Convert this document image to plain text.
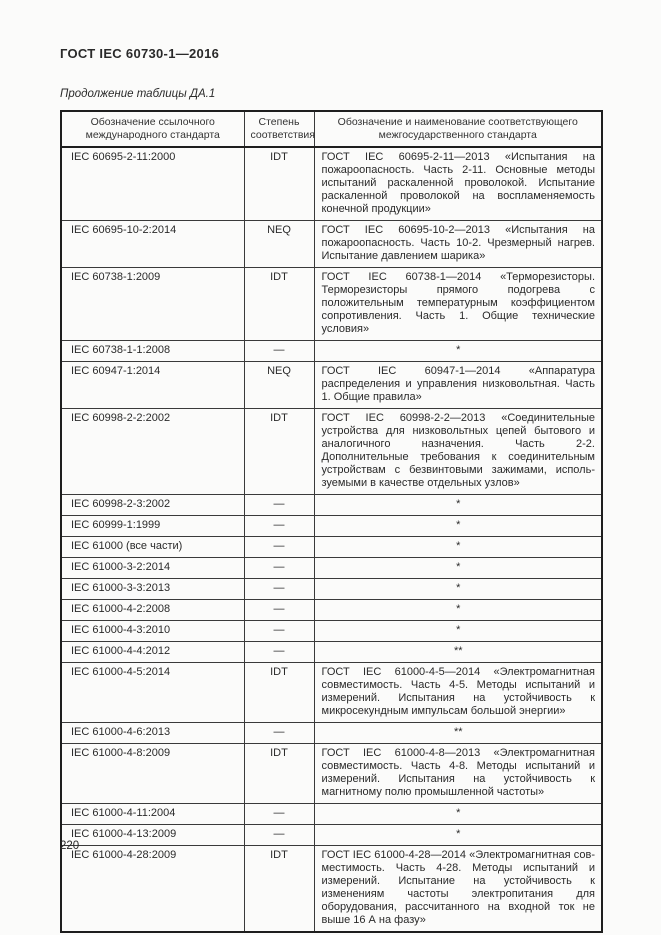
ГОСТ IEC 60730-1—2016
Продолжение таблицы ДА.1
Обозначение ссылочного международного стандарта	Степень соответствия	Обозначение и наименование соответствующего межгосударственного стандарта
IEC 60695-2-11:2000	IDT	ГОСТ IEC 60695-2-11—2013 «Испытания на пожароопасность. Часть 2-11. Основные методы испытаний раскаленной проволокой. Испытание раскаленной проволокой на воспламеняемость конечной продукции»
IEC 60695-10-2:2014	NEQ	ГОСТ IEC 60695-10-2—2013 «Испытания на пожароопасность. Часть 10-2. Чрезмерный нагрев. Испытание давлением шарика»
IEC 60738-1:2009	IDT	ГОСТ IEC 60738-1—2014 «Терморезисторы. Терморезисторы прямого подогрева с положительным температурным коэффициентом сопротивления. Часть 1. Общие технические условия»
IEC 60738-1-1:2008	—	*
IEC 60947-1:2014	NEQ	ГОСТ IEC 60947-1—2014 «Аппаратура распределения и управления низковольтная. Часть 1. Общие правила»
IEC 60998-2-2:2002	IDT	ГОСТ IEC 60998-2-2—2013 «Соединительные устройства для низковольтных цепей бытового и аналогичного назначения. Часть 2-2. Дополнительные требования к соединительным устройствам с безвинтовыми зажимами, используемыми в качестве отдельных узлов»
IEC 60998-2-3:2002	—	*
IEC 60999-1:1999	—	*
IEC 61000 (все части)	—	*
IEC 61000-3-2:2014	—	*
IEC 61000-3-3:2013	—	*
IEC 61000-4-2:2008	—	*
IEC 61000-4-3:2010	—	*
IEC 61000-4-4:2012	—	**
IEC 61000-4-5:2014	IDT	ГОСТ IEC 61000-4-5—2014 «Электромагнитная совместимость. Часть 4-5. Методы испытаний и измерений. Испытания на устойчивость к микросекундным импульсам большой энергии»
IEC 61000-4-6:2013	—	**
IEC 61000-4-8:2009	IDT	ГОСТ IEC 61000-4-8—2013 «Электромагнитная совместимость. Часть 4-8. Методы испытаний и измерений. Испытания на устойчивость к магнитному полю промышленной частоты»
IEC 61000-4-11:2004	—	*
IEC 61000-4-13:2009	—	*
IEC 61000-4-28:2009	IDT	ГОСТ IEC 61000-4-28—2014 «Электромагнитная совместимость. Часть 4-28. Методы испытаний и измерений. Испытание на устойчивость к изменениям частоты электропитания для оборудования, рассчитанного на входной ток не выше 16 А на фазу»
220
